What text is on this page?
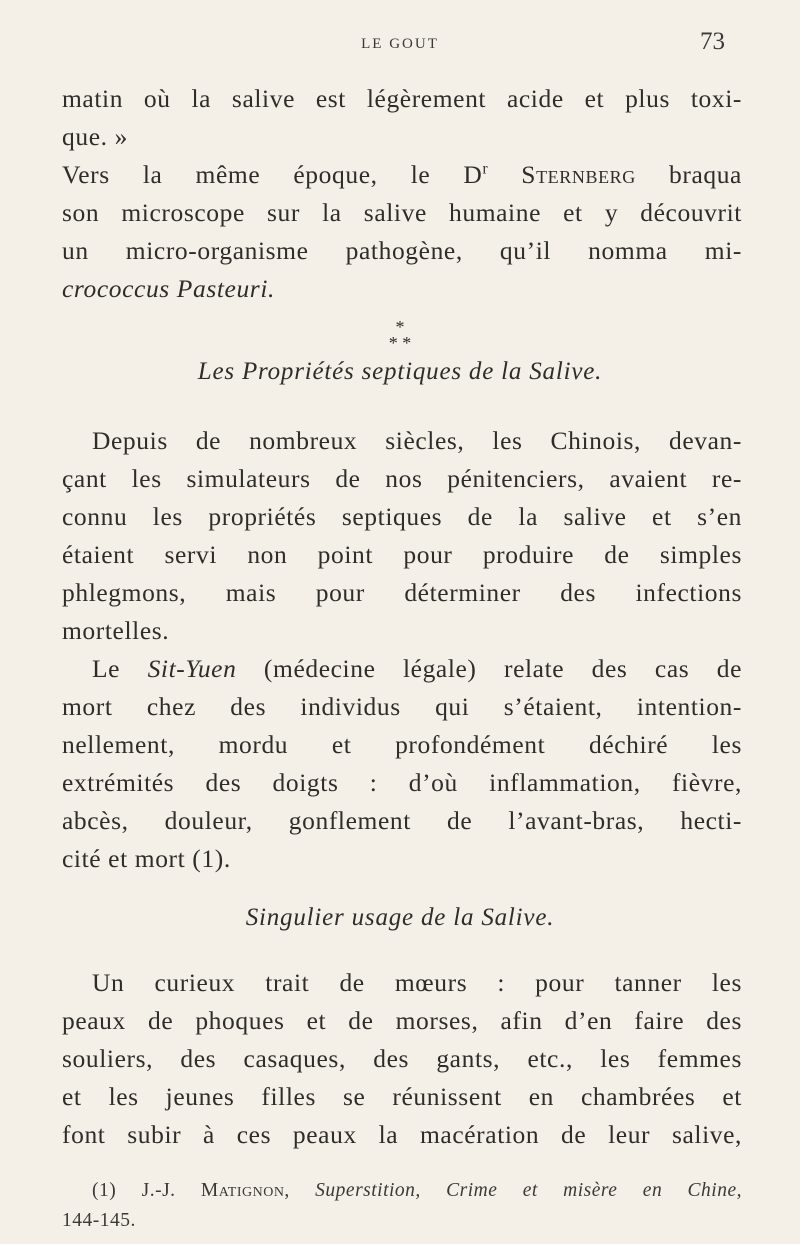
LE GOUT	73
matin où la salive est légèrement acide et plus toxi-
que. »
Vers la même époque, le $D^r$ Sternberg braqua
son microscope sur la salive humaine et y découvrit
un micro-organisme pathogène, qu’il nomma mi-
crococcus Pasteuri.
*
* *
Les Propriétés septiques de la Salive.
Depuis de nombreux siècles, les Chinois, devan-
çant les simulateurs de nos pénitenciers, avaient re-
connu les propriétés septiques de la salive et s’en
étaient servi non point pour produire de simples
phlegmons, mais pour déterminer des infections
mortelles.
Le Sit-Yuen (médecine légale) relate des cas de
mort chez des individus qui s’étaient, intention-
nellement, mordu et profondément déchiré les
extrémités des doigts : d’où inflammation, fièvre,
abcès, douleur, gonflement de l’avant-bras, hecti-
cité et mort (1).
Singulier usage de la Salive.
Un curieux trait de mœurs : pour tanner les
peaux de phoques et de morses, afin d’en faire des
souliers, des casaques, des gants, etc., les femmes
et les jeunes filles se réunissent en chambrées et
font subir à ces peaux la macération de leur salive,
(1) J.-J. Matignon, Superstition, Crime et misère en Chine,
144-145.
